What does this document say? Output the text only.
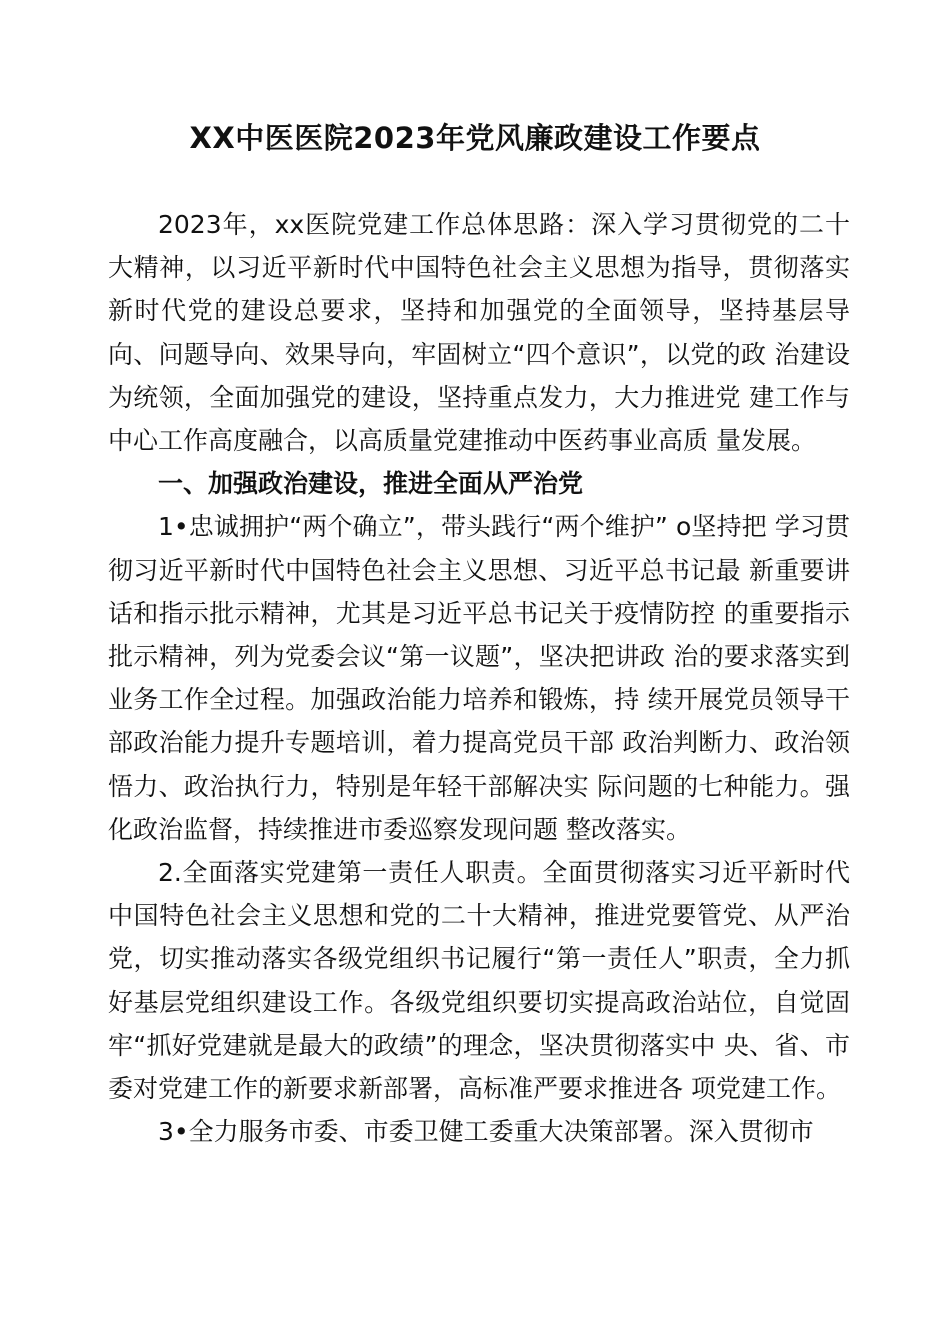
XX中医医院2023年党风廉政建设工作要点

2023年，xx医院党建工作总体思路：深入学习贯彻党的二十大精神，以习近平新时代中国特色社会主义思想为指导，贯彻落实新时代党的建设总要求，坚持和加强党的全面领导，坚持基层导向、问题导向、效果导向，牢固树立“四个意识”，以党的政 治建设为统领，全面加强党的建设，坚持重点发力，大力推进党 建工作与中心工作高度融合，以高质量党建推动中医药事业高质 量发展。

一、加强政治建设，推进全面从严治党

1•忠诚拥护“两个确立”，带头践行“两个维护” o坚持把 学习贯彻习近平新时代中国特色社会主义思想、习近平总书记最 新重要讲话和指示批示精神，尤其是习近平总书记关于疫情防控 的重要指示批示精神，列为党委会议“第一议题”，坚决把讲政 治的要求落实到业务工作全过程。加强政治能力培养和锻炼，持 续开展党员领导干部政治能力提升专题培训，着力提高党员干部 政治判断力、政治领悟力、政治执行力，特别是年轻干部解决实 际问题的七种能力。强化政治监督，持续推进市委巡察发现问题 整改落实。

2.全面落实党建第一责任人职责。全面贯彻落实习近平新时代中国特色社会主义思想和党的二十大精神，推进党要管党、从严治党，切实推动落实各级党组织书记履行“第一责任人”职责，全力抓好基层党组织建设工作。各级党组织要切实提高政治站位，自觉固牢“抓好党建就是最大的政绩”的理念，坚决贯彻落实中 央、省、市委对党建工作的新要求新部署，高标准严要求推进各 项党建工作。

3•全力服务市委、市委卫健工委重大决策部署。深入贯彻市
